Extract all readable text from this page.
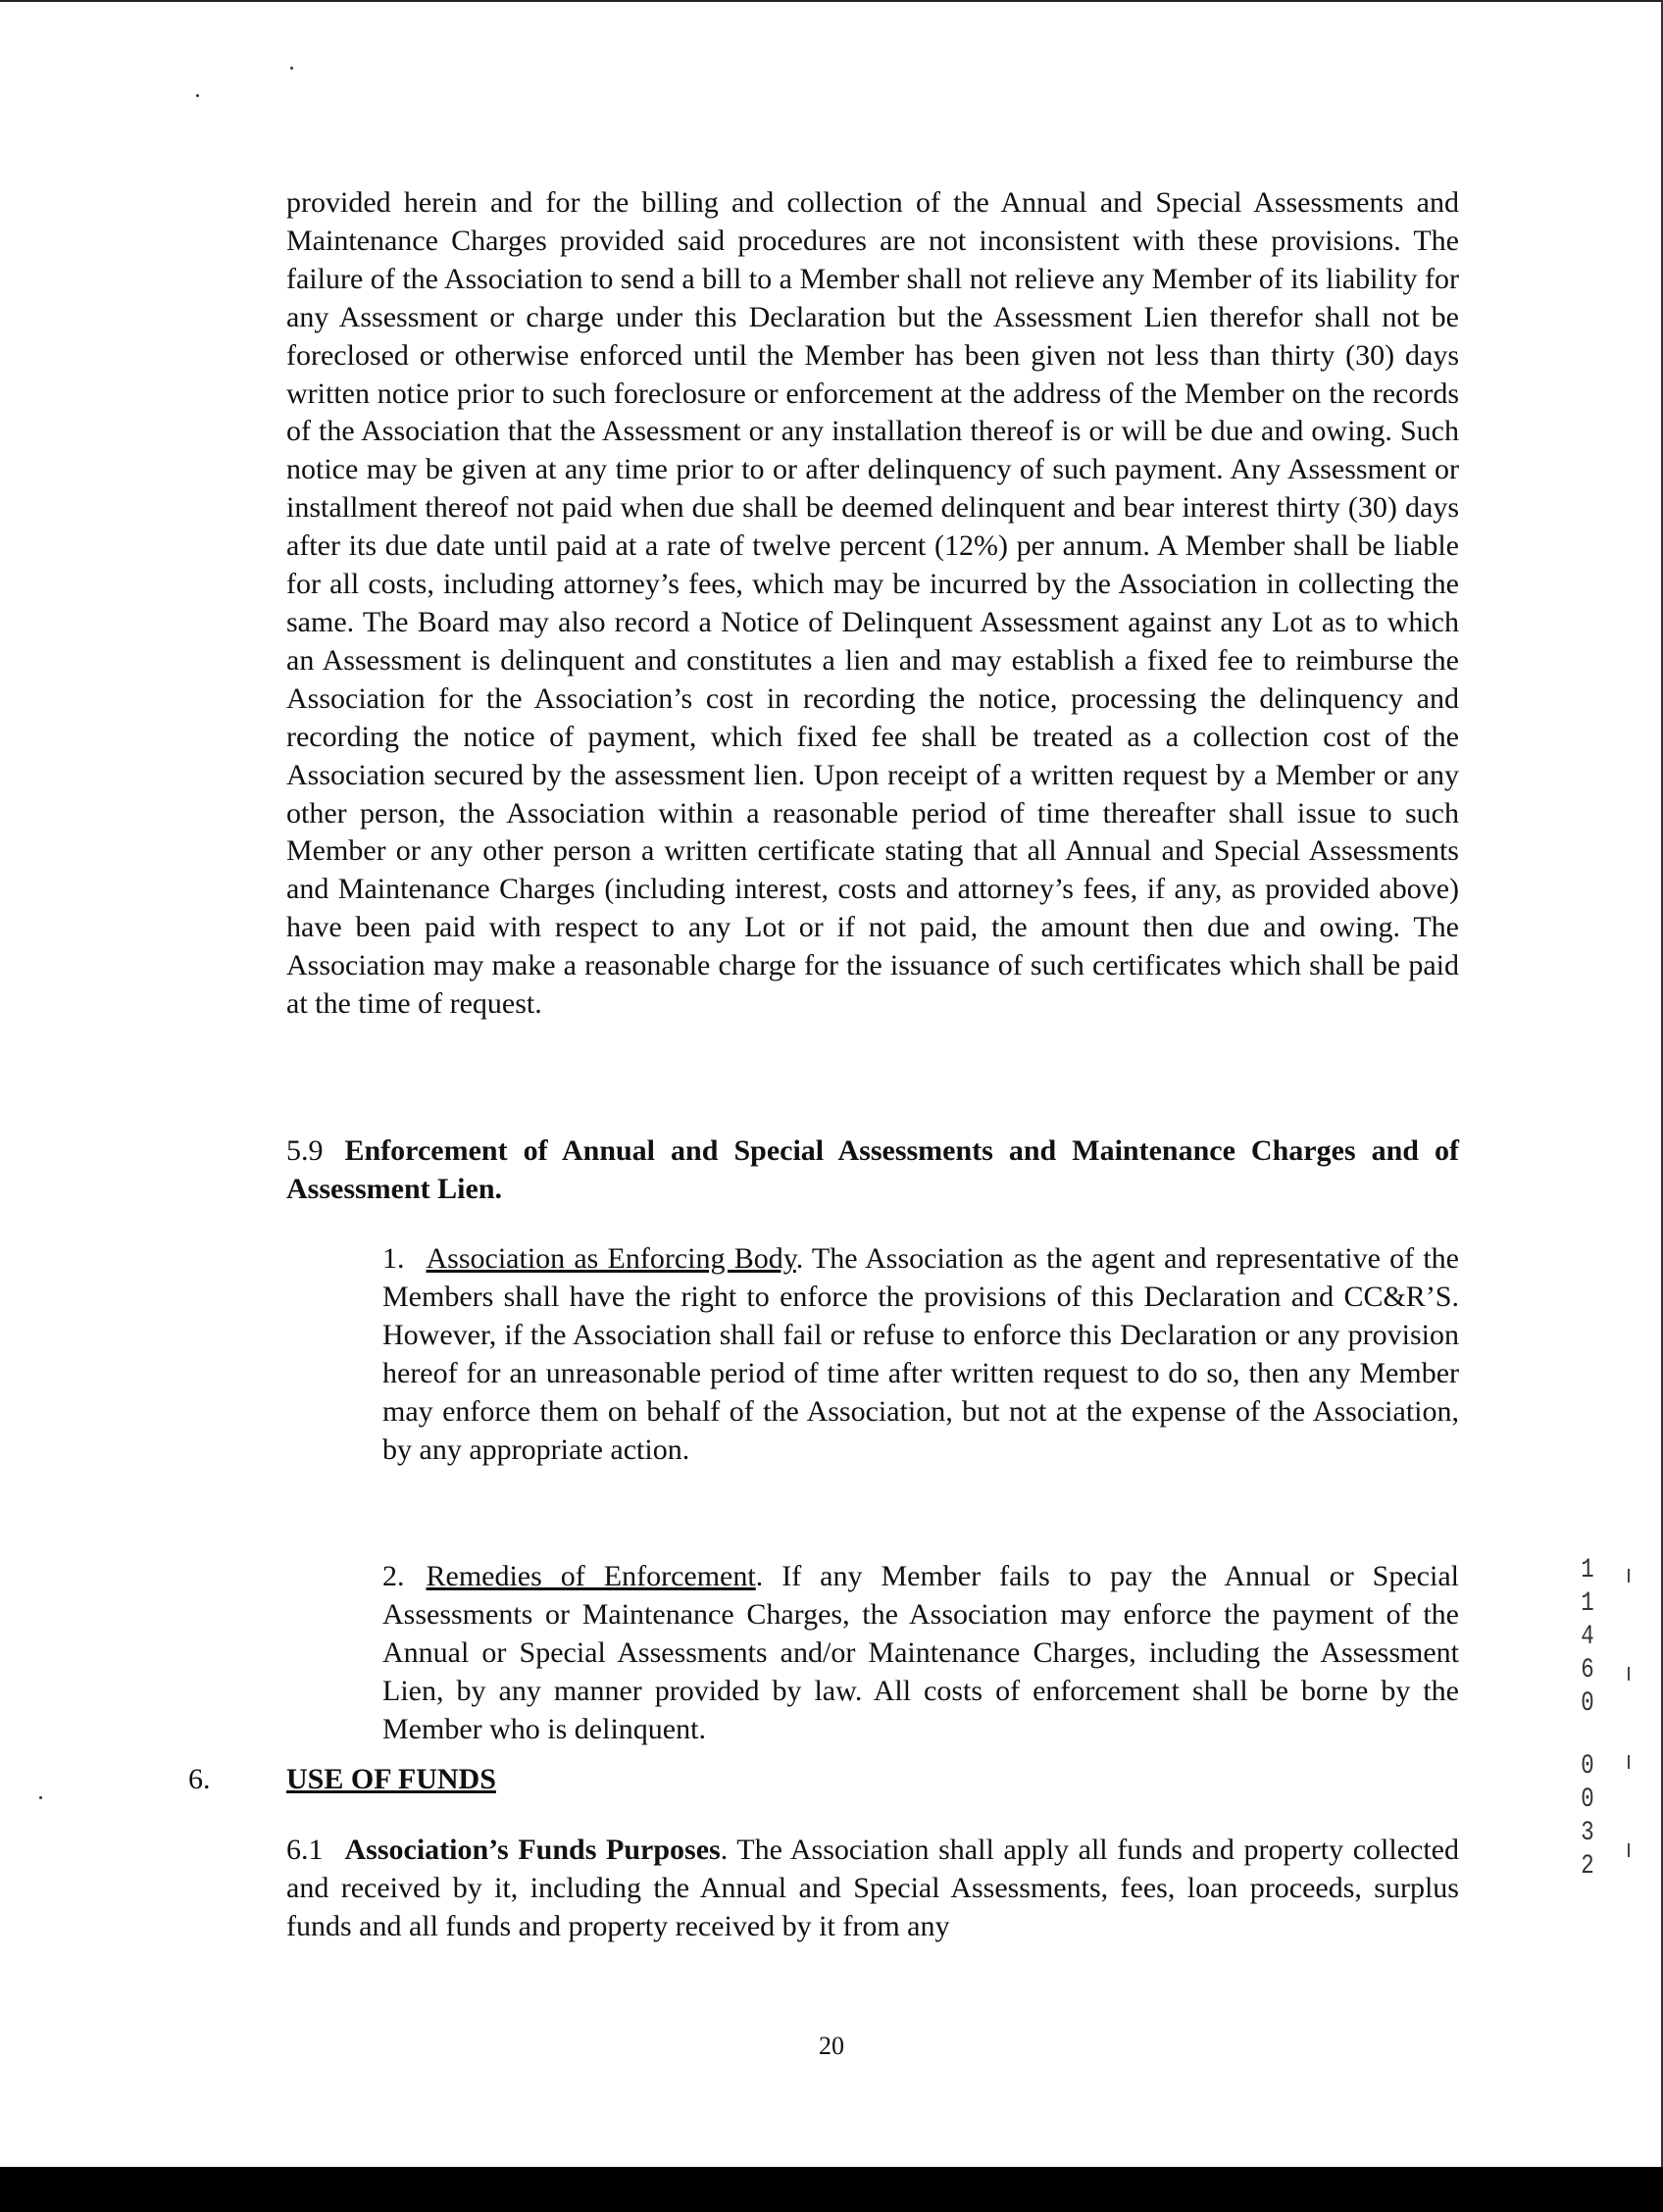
provided herein and for the billing and collection of the Annual and Special Assessments and Maintenance Charges provided said procedures are not inconsistent with these provisions. The failure of the Association to send a bill to a Member shall not relieve any Member of its liability for any Assessment or charge under this Declaration but the Assessment Lien therefor shall not be foreclosed or otherwise enforced until the Member has been given not less than thirty (30) days written notice prior to such foreclosure or enforcement at the address of the Member on the records of the Association that the Assessment or any installation thereof is or will be due and owing. Such notice may be given at any time prior to or after delinquency of such payment. Any Assessment or installment thereof not paid when due shall be deemed delinquent and bear interest thirty (30) days after its due date until paid at a rate of twelve percent (12%) per annum. A Member shall be liable for all costs, including attorney’s fees, which may be incurred by the Association in collecting the same. The Board may also record a Notice of Delinquent Assessment against any Lot as to which an Assessment is delinquent and constitutes a lien and may establish a fixed fee to reimburse the Association for the Association’s cost in recording the notice, processing the delinquency and recording the notice of payment, which fixed fee shall be treated as a collection cost of the Association secured by the assessment lien. Upon receipt of a written request by a Member or any other person, the Association within a reasonable period of time thereafter shall issue to such Member or any other person a written certificate stating that all Annual and Special Assessments and Maintenance Charges (including interest, costs and attorney’s fees, if any, as provided above) have been paid with respect to any Lot or if not paid, the amount then due and owing. The Association may make a reasonable charge for the issuance of such certificates which shall be paid at the time of request.
5.9 Enforcement of Annual and Special Assessments and Maintenance Charges and of Assessment Lien.
1. Association as Enforcing Body. The Association as the agent and representative of the Members shall have the right to enforce the provisions of this Declaration and CC&R’S. However, if the Association shall fail or refuse to enforce this Declaration or any provision hereof for an unreasonable period of time after written request to do so, then any Member may enforce them on behalf of the Association, but not at the expense of the Association, by any appropriate action.
2. Remedies of Enforcement. If any Member fails to pay the Annual or Special Assessments or Maintenance Charges, the Association may enforce the payment of the Annual or Special Assessments and/or Maintenance Charges, including the Assessment Lien, by any manner provided by law. All costs of enforcement shall be borne by the Member who is delinquent.
6.	USE OF FUNDS
6.1 Association’s Funds Purposes. The Association shall apply all funds and property collected and received by it, including the Annual and Special Assessments, fees, loan proceeds, surplus funds and all funds and property received by it from any
20
1
1
4
6
0
0
0
3
2
